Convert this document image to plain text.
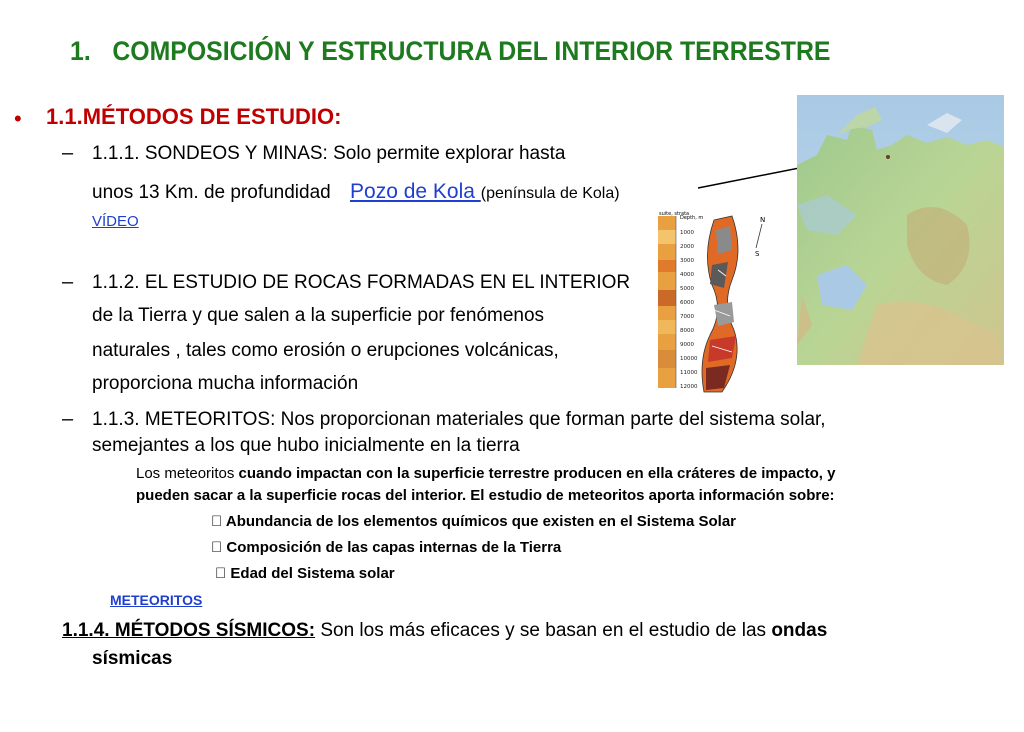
1. COMPOSICIÓN Y ESTRUCTURA DEL INTERIOR TERRESTRE
• 1.1.MÉTODOS DE ESTUDIO:
– 1.1.1. SONDEOS Y MINAS: Solo permite explorar hasta
unos 13 Km. de profundidad Pozo de Kola (península de Kola)
VÍDEO
– 1.1.2. EL ESTUDIO DE ROCAS FORMADAS EN EL INTERIOR
de la Tierra y que salen a la superficie por fenómenos
naturales , tales como erosión o erupciones volcánicas,
proporciona mucha información
– 1.1.3. METEORITOS: Nos proporcionan materiales que forman parte del sistema solar,
semejantes a los que hubo inicialmente en la tierra
Los meteoritos cuando impactan con la superficie terrestre producen en ella cráteres de impacto, y
pueden sacar a la superficie rocas del interior. El estudio de meteoritos aporta información sobre:
  Abundancia de los elementos químicos que existen en el Sistema Solar
  Composición de las capas internas de la Tierra
  Edad del Sistema solar
METEORITOS
1.1.4. MÉTODOS SÍSMICOS: Son los más eficaces y se basan en el estudio de las ondas
sísmicas
suite, strata
Depth, m
1000
2000
3000
4000
5000
6000
7000
8000
9000
10000
11000
12000
N
S
